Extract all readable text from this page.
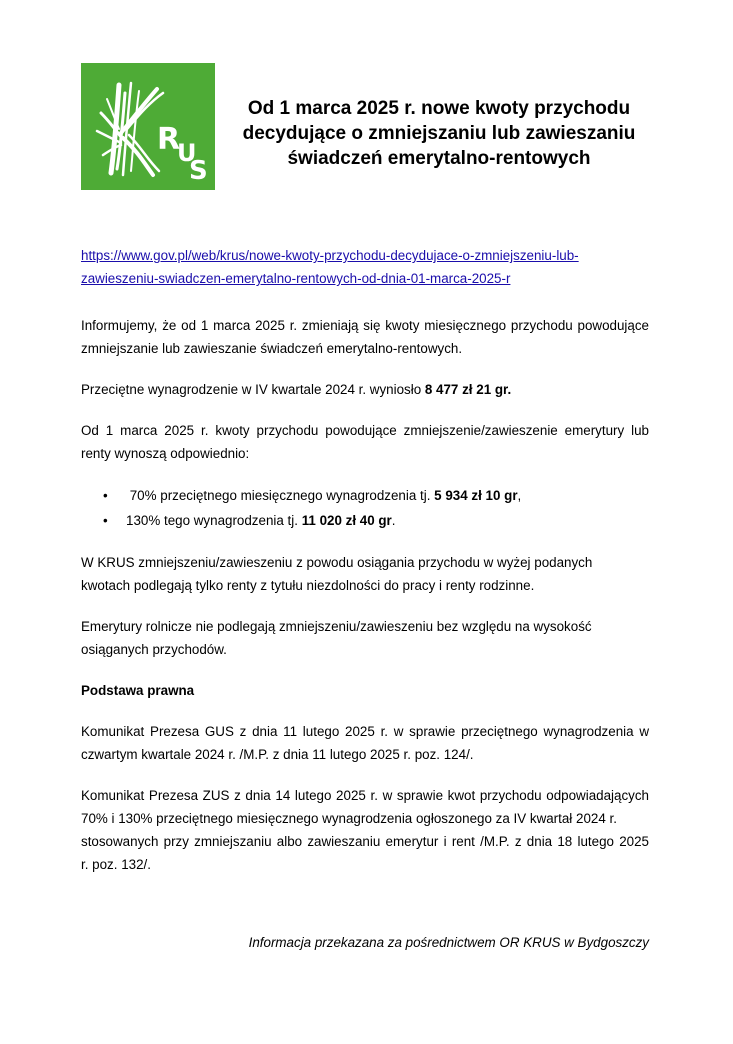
R
U
S
Od 1 marca 2025 r. nowe kwoty przychodu
decydujące o zmniejszaniu lub zawieszaniu
świadczeń emerytalno-rentowych

https://www.gov.pl/web/krus/nowe-kwoty-przychodu-decydujace-o-zmniejszeniu-lub-
zawieszeniu-swiadczen-emerytalno-rentowych-od-dnia-01-marca-2025-r

Informujemy, że od 1 marca 2025 r. zmieniają się kwoty miesięcznego przychodu powodujące
zmniejszanie lub zawieszanie świadczeń emerytalno-rentowych.

Przeciętne wynagrodzenie w IV kwartale 2024 r. wyniosło 8 477 zł 21 gr.

Od 1 marca 2025 r. kwoty przychodu powodujące zmniejszenie/zawieszenie emerytury lub
renty wynoszą odpowiednio:

• 70% przeciętnego miesięcznego wynagrodzenia tj. 5 934 zł 10 gr,
• 130% tego wynagrodzenia tj. 11 020 zł 40 gr.

W KRUS zmniejszeniu/zawieszeniu z powodu osiągania przychodu w wyżej podanych
kwotach podlegają tylko renty z tytułu niezdolności do pracy i renty rodzinne.

Emerytury rolnicze nie podlegają zmniejszeniu/zawieszeniu bez względu na wysokość
osiąganych przychodów.

Podstawa prawna

Komunikat Prezesa GUS z dnia 11 lutego 2025 r. w sprawie przeciętnego wynagrodzenia w
czwartym kwartale 2024 r. /M.P. z dnia 11 lutego 2025 r. poz. 124/.

Komunikat Prezesa ZUS z dnia 14 lutego 2025 r. w sprawie kwot przychodu odpowiadających
70% i 130% przeciętnego miesięcznego wynagrodzenia ogłoszonego za IV kwartał 2024 r.
stosowanych przy zmniejszaniu albo zawieszaniu emerytur i rent /M.P. z dnia 18 lutego 2025
r. poz. 132/.

Informacja przekazana za pośrednictwem OR KRUS w Bydgoszczy
